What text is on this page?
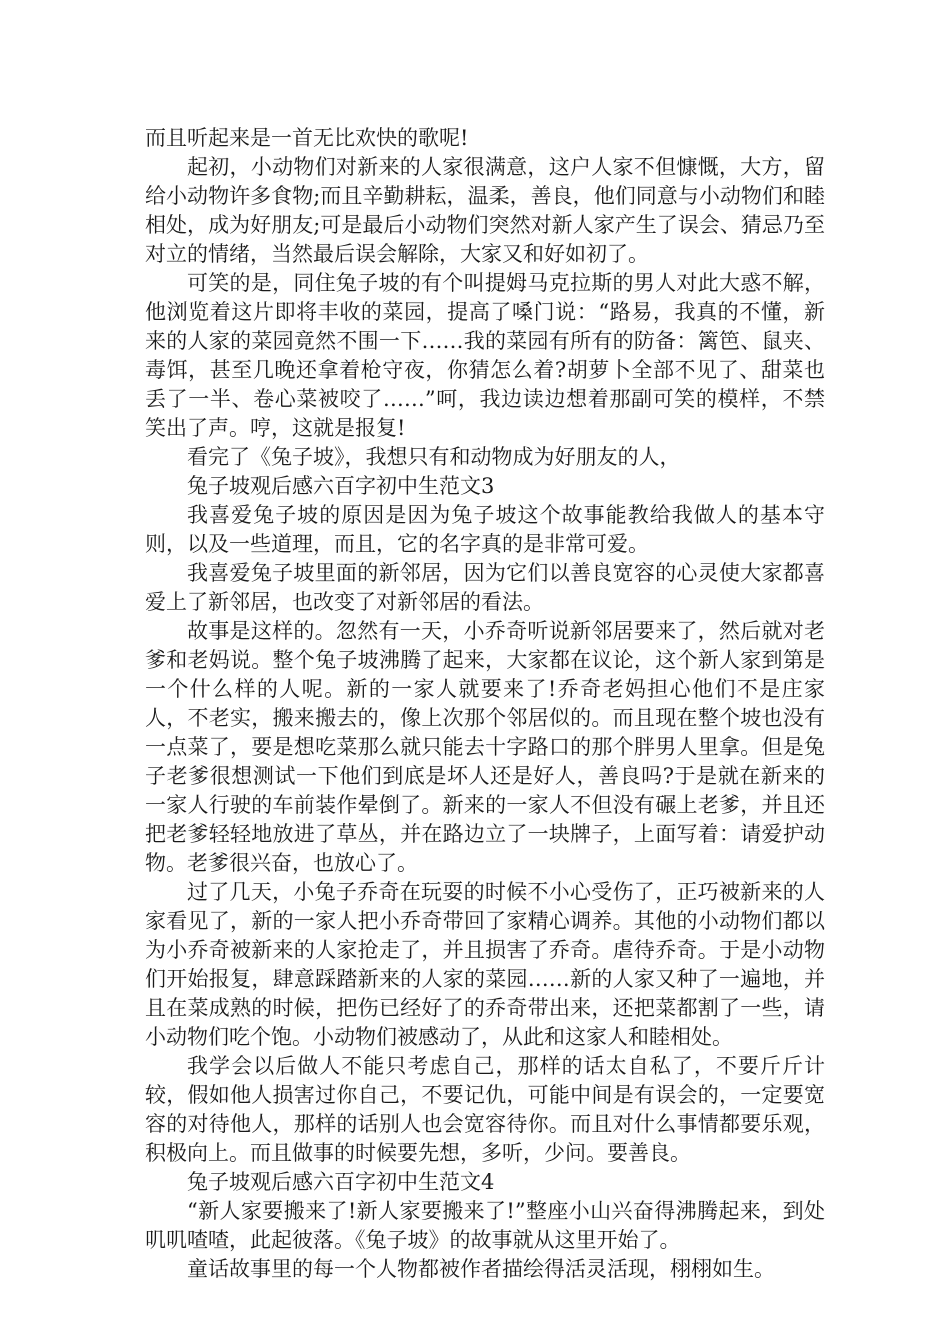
而且听起来是一首无比欢快的歌呢!

起初，小动物们对新来的人家很满意，这户人家不但慷慨，大方，留给小动物许多食物;而且辛勤耕耘，温柔，善良，他们同意与小动物们和睦相处，成为好朋友;可是最后小动物们突然对新人家产生了误会、猜忌乃至对立的情绪，当然最后误会解除，大家又和好如初了。

可笑的是，同住兔子坡的有个叫提姆马克拉斯的男人对此大惑不解，他浏览着这片即将丰收的菜园，提高了嗓门说：“路易，我真的不懂，新来的人家的菜园竟然不围一下……我的菜园有所有的防备：篱笆、鼠夹、毒饵，甚至几晚还拿着枪守夜，你猜怎么着?胡萝卜全部不见了、甜菜也丢了一半、卷心菜被咬了……”呵，我边读边想着那副可笑的模样，不禁笑出了声。哼，这就是报复!

看完了《兔子坡》，我想只有和动物成为好朋友的人，

兔子坡观后感六百字初中生范文3

我喜爱兔子坡的原因是因为兔子坡这个故事能教给我做人的基本守则，以及一些道理，而且，它的名字真的是非常可爱。

我喜爱兔子坡里面的新邻居，因为它们以善良宽容的心灵使大家都喜爱上了新邻居，也改变了对新邻居的看法。

故事是这样的。忽然有一天，小乔奇听说新邻居要来了，然后就对老爹和老妈说。整个兔子坡沸腾了起来，大家都在议论，这个新人家到第是一个什么样的人呢。新的一家人就要来了!乔奇老妈担心他们不是庄家人，不老实，搬来搬去的，像上次那个邻居似的。而且现在整个坡也没有一点菜了，要是想吃菜那么就只能去十字路口的那个胖男人里拿。但是兔子老爹很想测试一下他们到底是坏人还是好人，善良吗?于是就在新来的一家人行驶的车前装作晕倒了。新来的一家人不但没有碾上老爹，并且还把老爹轻轻地放进了草丛，并在路边立了一块牌子，上面写着：请爱护动物。老爹很兴奋，也放心了。

过了几天，小兔子乔奇在玩耍的时候不小心受伤了，正巧被新来的人家看见了，新的一家人把小乔奇带回了家精心调养。其他的小动物们都以为小乔奇被新来的人家抢走了，并且损害了乔奇。虐待乔奇。于是小动物们开始报复，肆意踩踏新来的人家的菜园……新的人家又种了一遍地，并且在菜成熟的时候，把伤已经好了的乔奇带出来，还把菜都割了一些，请小动物们吃个饱。小动物们被感动了，从此和这家人和睦相处。

我学会以后做人不能只考虑自己，那样的话太自私了，不要斤斤计较，假如他人损害过你自己，不要记仇，可能中间是有误会的，一定要宽容的对待他人，那样的话别人也会宽容待你。而且对什么事情都要乐观，积极向上。而且做事的时候要先想，多听，少问。要善良。

兔子坡观后感六百字初中生范文4

“新人家要搬来了!新人家要搬来了!”整座小山兴奋得沸腾起来，到处叽叽喳喳，此起彼落。《兔子坡》的故事就从这里开始了。

童话故事里的每一个人物都被作者描绘得活灵活现，栩栩如生。
